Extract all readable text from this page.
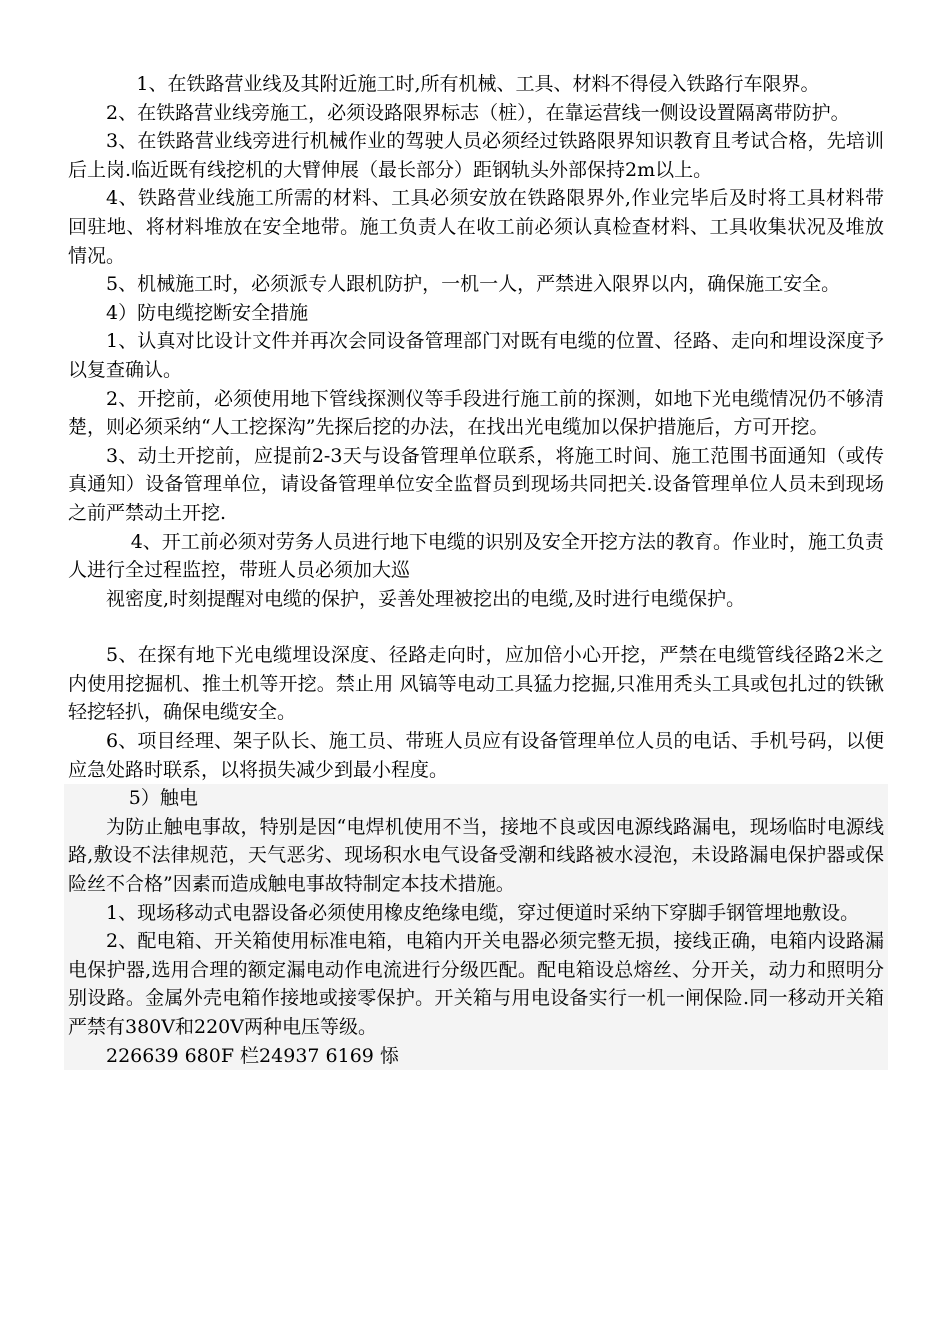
1、在铁路营业线及其附近施工时,所有机械、工具、材料不得侵入铁路行车限界。

2、在铁路营业线旁施工，必须设路限界标志（桩），在靠运营线一侧设设置隔离带防护。

3、在铁路营业线旁进行机械作业的驾驶人员必须经过铁路限界知识教育且考试合格，先培训后上岗.临近既有线挖机的大臂伸展（最长部分）距钢轨头外部保持2m以上。

4、铁路营业线施工所需的材料、工具必须安放在铁路限界外,作业完毕后及时将工具材料带回驻地、将材料堆放在安全地带。施工负责人在收工前必须认真检查材料、工具收集状况及堆放情况。

5、机械施工时，必须派专人跟机防护，一机一人，严禁进入限界以内，确保施工安全。

4）防电缆挖断安全措施

1、认真对比设计文件并再次会同设备管理部门对既有电缆的位置、径路、走向和埋设深度予以复查确认。

2、开挖前，必须使用地下管线探测仪等手段进行施工前的探测，如地下光电缆情况仍不够清楚，则必须采纳“人工挖探沟”先探后挖的办法，在找出光电缆加以保护措施后，方可开挖。

3、动土开挖前，应提前2-3天与设备管理单位联系，将施工时间、施工范围书面通知（或传真通知）设备管理单位，请设备管理单位安全监督员到现场共同把关.设备管理单位人员未到现场之前严禁动土开挖.

4、开工前必须对劳务人员进行地下电缆的识别及安全开挖方法的教育。作业时，施工负责人进行全过程监控，带班人员必须加大巡

视密度,时刻提醒对电缆的保护，妥善处理被挖出的电缆,及时进行电缆保护。

5、在探有地下光电缆埋设深度、径路走向时，应加倍小心开挖，严禁在电缆管线径路2米之内使用挖掘机、推土机等开挖。禁止用 风镐等电动工具猛力挖掘,只准用秃头工具或包扎过的铁锹轻挖轻扒，确保电缆安全。

6、项目经理、架子队长、施工员、带班人员应有设备管理单位人员的电话、手机号码，以便应急处路时联系，以将损失减少到最小程度。

5）触电

为防止触电事故，特别是因“电焊机使用不当，接地不良或因电源线路漏电，现场临时电源线路,敷设不法律规范，天气恶劣、现场积水电气设备受潮和线路被水浸泡，未设路漏电保护器或保险丝不合格”因素而造成触电事故特制定本技术措施。

1、现场移动式电器设备必须使用橡皮绝缘电缆，穿过便道时采纳下穿脚手钢管埋地敷设。

2、配电箱、开关箱使用标准电箱，电箱内开关电器必须完整无损，接线正确，电箱内设路漏电保护器,选用合理的额定漏电动作电流进行分级匹配。配电箱设总熔丝、分开关，动力和照明分别设路。金属外壳电箱作接地或接零保护。开关箱与用电设备实行一机一闸保险.同一移动开关箱严禁有380V和220V两种电压等级。

226639 680F 栏24937 6169 悿
